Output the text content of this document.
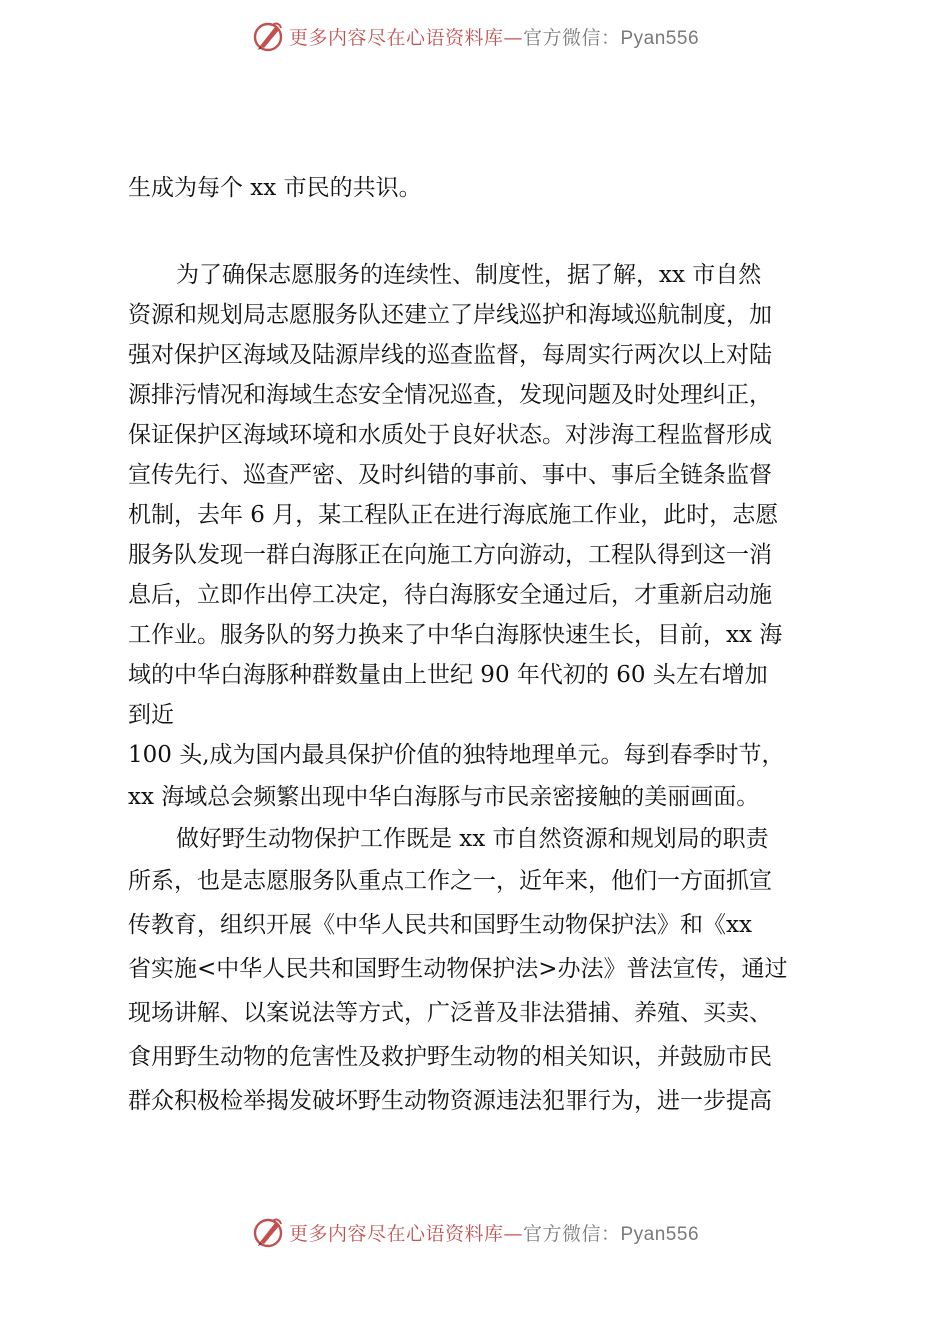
更多内容尽在心语资料库—官方微信：Pyan556
生成为每个 xx 市民的共识。
为了确保志愿服务的连续性、制度性，据了解，xx 市自然
资源和规划局志愿服务队还建立了岸线巡护和海域巡航制度，加
强对保护区海域及陆源岸线的巡查监督，每周实行两次以上对陆
源排污情况和海域生态安全情况巡查，发现问题及时处理纠正，
保证保护区海域环境和水质处于良好状态。对涉海工程监督形成
宣传先行、巡查严密、及时纠错的事前、事中、事后全链条监督
机制，去年 6 月，某工程队正在进行海底施工作业，此时，志愿
服务队发现一群白海豚正在向施工方向游动，工程队得到这一消
息后，立即作出停工决定，待白海豚安全通过后，才重新启动施
工作业。服务队的努力换来了中华白海豚快速生长，目前，xx 海
域的中华白海豚种群数量由上世纪 90 年代初的 60 头左右增加
到近
100 头,成为国内最具保护价值的独特地理单元。每到春季时节，
xx 海域总会频繁出现中华白海豚与市民亲密接触的美丽画面。
做好野生动物保护工作既是 xx 市自然资源和规划局的职责
所系，也是志愿服务队重点工作之一，近年来，他们一方面抓宣
传教育，组织开展《中华人民共和国野生动物保护法》和《xx
省实施<中华人民共和国野生动物保护法>办法》普法宣传，通过
现场讲解、以案说法等方式，广泛普及非法猎捕、养殖、买卖、
食用野生动物的危害性及救护野生动物的相关知识，并鼓励市民
群众积极检举揭发破坏野生动物资源违法犯罪行为，进一步提高
更多内容尽在心语资料库—官方微信：Pyan556
